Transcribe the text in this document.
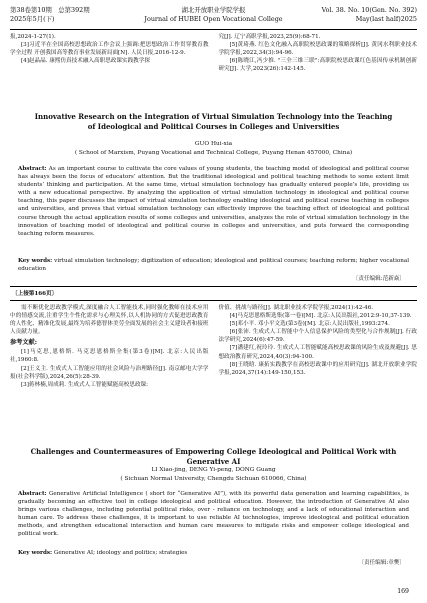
第38卷第10期　总第392期	湖北开放职业学院学报	Vol. 38. No. 10(Gen. No. 392)
2025年5月(下)	Journal of HUBEI Open Vocational College	May(last half)2025

报,2024-1-27(1).

[3]习近平在全国高校思想政治工作会议上强调:把思想政治工作贯穿教育教学全过程 开创我国高等教育事业发展新局面[N]. 人民日报,2016-12-9.

[4]赵晶晶. 康熙仿真技术融入高职思政课实践教学探

究[J]. 辽宁高职学报,2023,25(9):68-71.

[5]黄琦燕. 红色文化融入高职院校思政课的策略探析[J]. 黄冈水利职业技术学院学报,2022,34(3):94-96.

[6]陈晓江,冯少推. "三全三维三联":高职院校思政课红色基因传承机制创新研究[J]. 大学,2023(26):142-145.

Innovative Research on the Integration of Virtual Simulation Technology into the Teaching of Ideological and Political Courses in Colleges and Universities
GUO Hui-xia
( School of Marxism, Puyang Vocational and Technical College, Puyang Henan 457000, China)
Abstract: As an important course to cultivate the core values of young students, the teaching model of ideological and political course has always been the focus of educators’ attention. But the traditional ideological and political teaching methods to some extent limit students’ thinking and participation. At the same time, virtual simulation technology has gradually entered people’s life, providing us with a new educational perspective. By analyzing the application of virtual simulation technology in ideological and political course teaching, this paper discusses the impact of virtual simulation technology enabling ideological and political course teaching in colleges and universities, and proves that virtual simulation technology can effectively improve the teaching effect of ideological and political course through the actual application results of some colleges and universities, analyzes the role of virtual simulation technology in the innovation of teaching model of ideological and political course in colleges and universities, and puts forward the corresponding teaching reform measures.
Key words: virtual simulation technology; digitization of education; ideological and political courses; teaching reform; higher vocational education
〔责任编辑:范新焱〕
〔上接第166页〕

需不断优化思政教学模式,深度融合人工智能技术,同时强化教师在技术应用中的情感交流,注重学生个性化需求与心理关怀,以人机协同的方式促进思政教育的人性化、精准化发展,最终为培养德智体美劳全面发展的社会主义建设者和接班人贡献力量。

参考文献:

[1]马克思,恩格斯. 马克思恩格斯全集(第3卷)[M]. 北京:人民出版社,1960:8.

[2]王义主. 生成式人工智能应用的社会风险与治理路径[J]. 南京邮电大学学报(社会科学版),2024,26(5):28-39.

[3]蒋林楠,周成莉. 生成式人工智能赋能高校思政课:

价值、挑战与路径[J]. 湖北职业技术学院学报,2024(1):42-46.

[4]马克思恩格斯选集(第一卷)[M]. 北京:人民出版社,2012:9-10,37-139.

[5]邓小平. 邓小平文选(第3卷)[M]. 北京:人民出版社,1993:274.

[6]张沛. 生成式人工智能中个人信息保护风险的类型化与合作规制[J]. 行政法学研究,2024(6):47-59.

[7]潘建红,祝玲玲. 生成式人工智能赋能高校思政课的风险生成及规避[J]. 思想政治教育研究,2024,40(3):94-100.

[8]王晓晗. 康拓实践教学在高校思政课中的应用研究[J]. 湖北开放职业学院学报,2024,37(14):149-150,153.

Challenges and Countermeasures of Empowering College Ideological and Political Work with Generative AI
LI Xiao-jing, DENG Yi-peng, DONG Guang
( Sichuan Normal University, Chengdu Sichuan 610066, China)
Abstract: Generative Artificial Intelligence ( short for “Generative AI”), with its powerful data generation and learning capabilities, is gradually becoming an effective tool in college ideological and political education. However, the introduction of Generative AI also brings various challenges, including potential political risks, over - reliance on technology, and a lack of educational interaction and human care. To address these challenges, it is important to use reliable AI technologies, improve ideological and political education methods, and strengthen educational interaction and human care measures to mitigate risks and empower college ideological and political work.
Key words: Generative AI; ideology and politics; strategies
〔责任编辑:章樊〕
169
